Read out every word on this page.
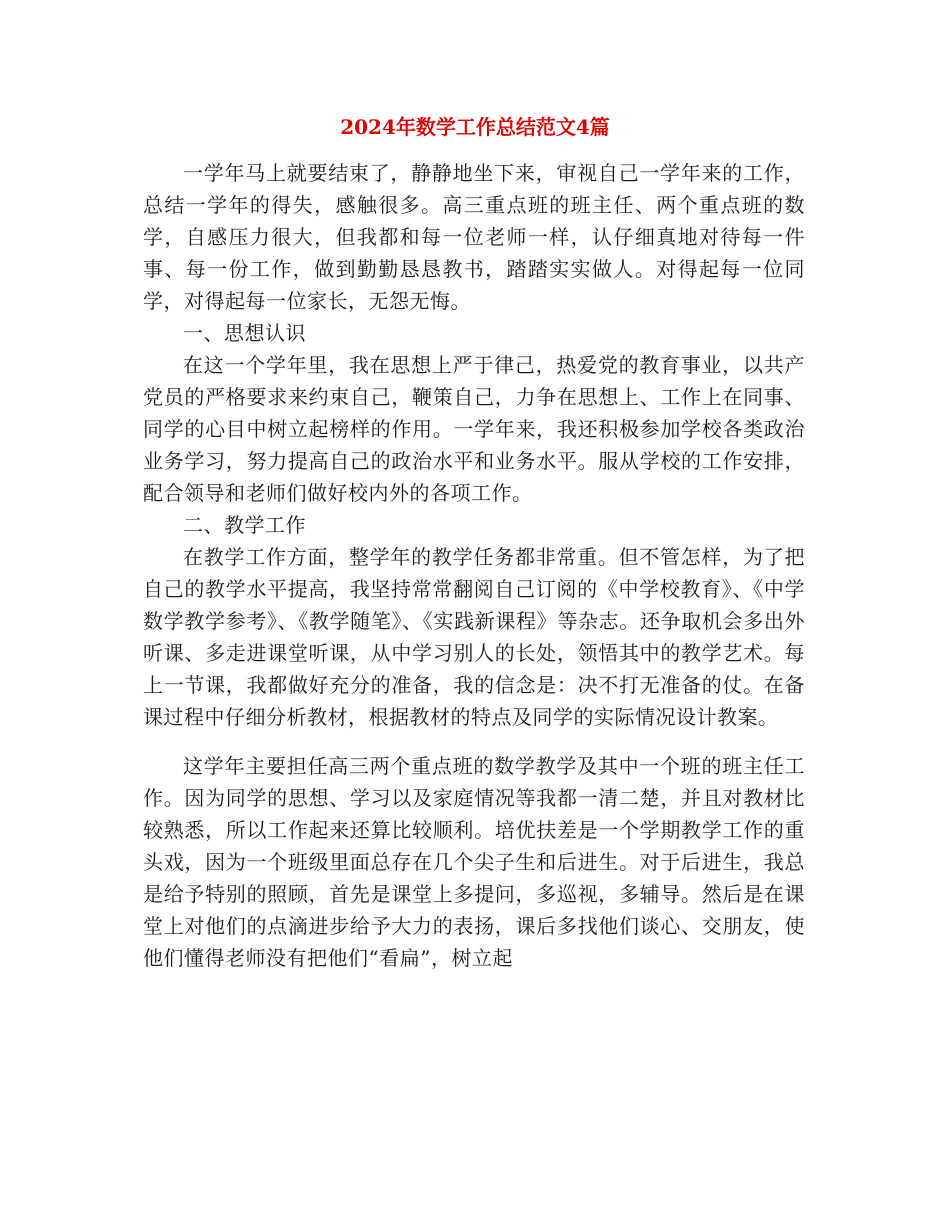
2024年数学工作总结范文4篇

一学年马上就要结束了，静静地坐下来，审视自己一学年来的工作，总结一学年的得失，感触很多。高三重点班的班主任、两个重点班的数学，自感压力很大，但我都和每一位老师一样，认仔细真地对待每一件事、每一份工作，做到勤勤恳恳教书，踏踏实实做人。对得起每一位同学，对得起每一位家长，无怨无悔。

一、思想认识

在这一个学年里，我在思想上严于律己，热爱党的教育事业，以共产党员的严格要求来约束自己，鞭策自己，力争在思想上、工作上在同事、同学的心目中树立起榜样的作用。一学年来，我还积极参加学校各类政治业务学习，努力提高自己的政治水平和业务水平。服从学校的工作安排，配合领导和老师们做好校内外的各项工作。

二、教学工作

在教学工作方面，整学年的教学任务都非常重。但不管怎样，为了把自己的教学水平提高，我坚持常常翻阅自己订阅的《中学校教育》、《中学数学教学参考》、《教学随笔》、《实践新课程》等杂志。还争取机会多出外听课、多走进课堂听课，从中学习别人的长处，领悟其中的教学艺术。每上一节课，我都做好充分的准备，我的信念是：决不打无准备的仗。在备课过程中仔细分析教材，根据教材的特点及同学的实际情况设计教案。

这学年主要担任高三两个重点班的数学教学及其中一个班的班主任工作。因为同学的思想、学习以及家庭情况等我都一清二楚，并且对教材比较熟悉，所以工作起来还算比较顺利。培优扶差是一个学期教学工作的重头戏，因为一个班级里面总存在几个尖子生和后进生。对于后进生，我总是给予特别的照顾，首先是课堂上多提问，多巡视，多辅导。然后是在课堂上对他们的点滴进步给予大力的表扬，课后多找他们谈心、交朋友，使他们懂得老师没有把他们“看扁”，树立起
